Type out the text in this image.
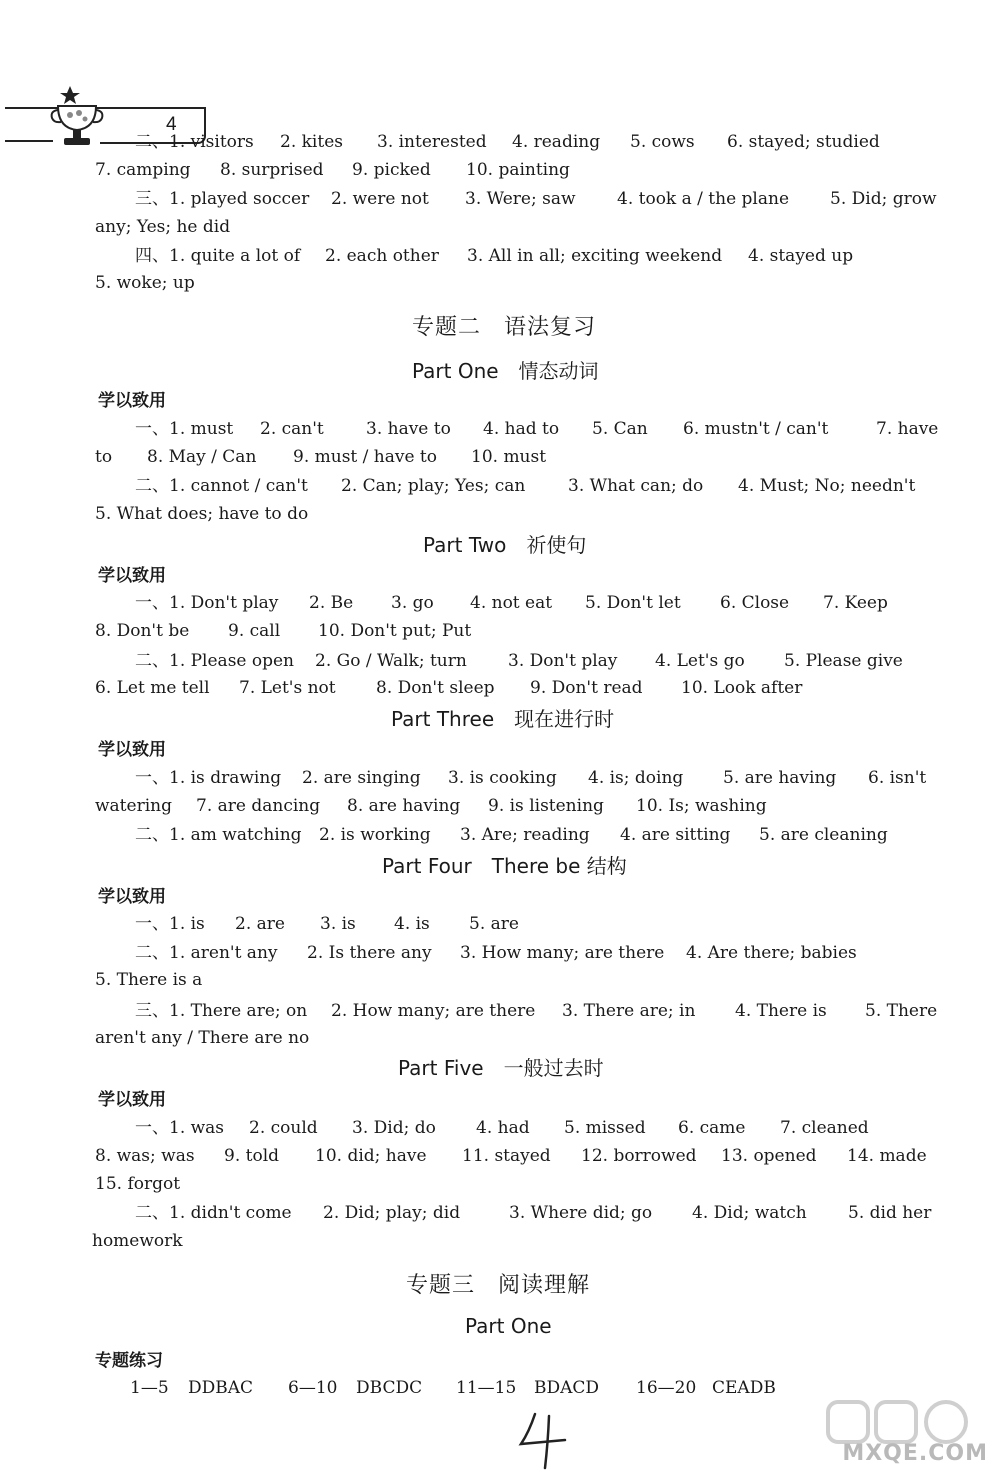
4
专题二　语法复习
Part One　情态动词
Part Two　祈使句
Part Three　现在进行时
Part Four　There be 结构
Part Five　一般过去时
专题三　阅读理解
Part One
学以致用
学以致用
学以致用
学以致用
学以致用
专题练习
二、1. visitors 2. kites 3. interested 4. reading 5. cows 6. stayed; studied
7. camping 8. surprised 9. picked 10. painting
三、1. played soccer 2. were not 3. Were; saw 4. took a / the plane 5. Did; grow
any; Yes; he did
四、1. quite a lot of 2. each other 3. All in all; exciting weekend 4. stayed up
5. woke; up
一、1. must 2. can't 3. have to 4. had to 5. Can 6. mustn't / can't	7. have
to 8. May / Can 9. must / have to 10. must
二、1. cannot / can't 2. Can; play; Yes; can	3. What can; do 4. Must; No; needn't
5. What does; have to do
一、1. Don't play 2. Be 3. go 4. not eat 5. Don't let 6. Close 7. Keep
8. Don't be 9. call 10. Don't put; Put
二、1. Please open 2. Go / Walk; turn 3. Don't play 4. Let's go 5. Please give
6. Let me tell 7. Let's not 8. Don't sleep 9. Don't read 10. Look after
一、1. is drawing 2. are singing 3. is cooking 4. is; doing 5. are having 6. isn't
watering 7. are dancing 8. are having 9. is listening 10. Is; washing
二、1. am watching 2. is working 3. Are; reading 4. are sitting 5. are cleaning
一、1. is 2. are 3. is 4. is 5. are
二、1. aren't any 2. Is there any 3. How many; are there 4. Are there; babies
5. There is a
三、1. There are; on 2. How many; are there 3. There are; in 4. There is 5. There
aren't any / There are no
一、1. was 2. could 3. Did; do 4. had 5. missed 6. came 7. cleaned
8. was; was 9. told 10. did; have 11. stayed 12. borrowed 13. opened 14. made
15. forgot
二、1. didn't come 2. Did; play; did	3. Where did; go 4. Did; watch 5. did her
homework
1—5 DDBAC 6—10 DBCDC 11—15 BDACD 16—20 CEADB
4
MXQE.COM
